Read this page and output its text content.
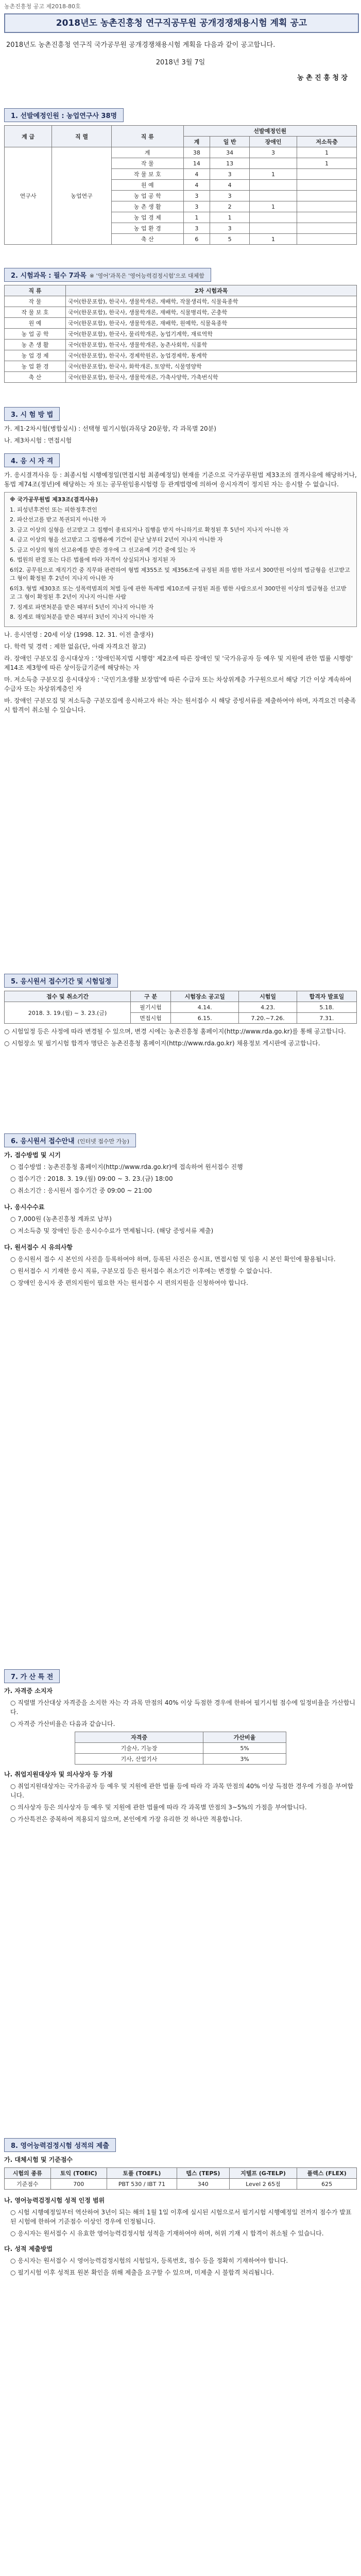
농촌진흥청 공고 제2018-80호
2018년도 농촌진흥청 연구직공무원 공개경쟁채용시험 계획 공고
2018년도 농촌진흥청 연구직 국가공무원 공개경쟁채용시험 계획을 다음과 같이 공고합니다.
2018년 3월 7일
농 촌 진 흥 청 장
1. 선발예정인원 : 농업연구사 38명
계 급	직 렬	직 류	선발예정인원			
			계	일 반	장애인	저소득층
연구사	농업연구	계	38	34	3	1
		작 물	14	13		1
		작 물 보 호	4	3	1	
		원 예	4	4		
		농 업 공 학	3	3		
		농 촌 생 활	3	2	1	
		농 업 경 제	1	1		
		농 업 환 경	3	3		
		축 산	6	5	1	
2. 시험과목 : 필수 7과목 ※ '영어'과목은 '영어능력검정시험'으로 대체함
직 류	2차 시험과목
작 물	국어(한문포함), 한국사, 생물학개론, 재배학, 작물생리학, 식물육종학
작 물 보 호	국어(한문포함), 한국사, 생물학개론, 재배학, 식물병리학, 곤충학
원 예	국어(한문포함), 한국사, 생물학개론, 재배학, 원예학, 식물육종학
농 업 공 학	국어(한문포함), 한국사, 물리학개론, 농업기계학, 재료역학
농 촌 생 활	국어(한문포함), 한국사, 생물학개론, 농촌사회학, 식품학
농 업 경 제	국어(한문포함), 한국사, 경제학원론, 농업경제학, 통계학
농 업 환 경	국어(한문포함), 한국사, 화학개론, 토양학, 식물영양학
축 산	국어(한문포함), 한국사, 생물학개론, 가축사양학, 가축번식학
3. 시 험 방 법

가. 제1·2차시험(병합실시) : 선택형 필기시험(과목당 20문항, 각 과목별 20분)

나. 제3차시험 : 면접시험

4. 응 시 자 격

가. 응시결격사유 등 : 최종시험 시행예정일(면접시험 최종예정일) 현재를 기준으로 국가공무원법 제33조의 결격사유에 해당하거나, 동법 제74조(정년)에 해당하는 자 또는 공무원임용시험령 등 관계법령에 의하여 응시자격이 정지된 자는 응시할 수 없습니다.

※ 국가공무원법 제33조(결격사유)

1. 피성년후견인 또는 피한정후견인

2. 파산선고를 받고 복권되지 아니한 자

3. 금고 이상의 실형을 선고받고 그 집행이 종료되거나 집행을 받지 아니하기로 확정된 후 5년이 지나지 아니한 자

4. 금고 이상의 형을 선고받고 그 집행유예 기간이 끝난 날부터 2년이 지나지 아니한 자

5. 금고 이상의 형의 선고유예를 받은 경우에 그 선고유예 기간 중에 있는 자

6. 법원의 판결 또는 다른 법률에 따라 자격이 상실되거나 정지된 자

6의2. 공무원으로 재직기간 중 직무와 관련하여 형법 제355조 및 제356조에 규정된 죄를 범한 자로서 300만원 이상의 벌금형을 선고받고 그 형이 확정된 후 2년이 지나지 아니한 자

6의3. 형법 제303조 또는 성폭력범죄의 처벌 등에 관한 특례법 제10조에 규정된 죄를 범한 사람으로서 300만원 이상의 벌금형을 선고받고 그 형이 확정된 후 2년이 지나지 아니한 사람

7. 징계로 파면처분을 받은 때부터 5년이 지나지 아니한 자

8. 징계로 해임처분을 받은 때부터 3년이 지나지 아니한 자

나. 응시연령 : 20세 이상 (1998. 12. 31. 이전 출생자)

다. 학력 및 경력 : 제한 없음(단, 아래 자격요건 참고)

라. 장애인 구분모집 응시대상자 : '장애인복지법 시행령' 제2조에 따른 장애인 및 '국가유공자 등 예우 및 지원에 관한 법률 시행령' 제14조 제3항에 따른 상이등급기준에 해당하는 자

마. 저소득층 구분모집 응시대상자 : '국민기초생활 보장법'에 따른 수급자 또는 차상위계층 가구원으로서 해당 기간 이상 계속하여 수급자 또는 차상위계층인 자

바. 장애인 구분모집 및 저소득층 구분모집에 응시하고자 하는 자는 원서접수 시 해당 증빙서류를 제출하여야 하며, 자격요건 미충족 시 합격이 취소될 수 있습니다.

5. 응시원서 접수기간 및 시험일정
접수 및 취소기간	구 분	시험장소 공고일	시험일	합격자 발표일
2018. 3. 19.(월) ~ 3. 23.(금)	필기시험	4.14.	4.23.	5.18.
	면접시험	6.15.	7.20.~7.26.	7.31.

○ 시험일정 등은 사정에 따라 변경될 수 있으며, 변경 시에는 농촌진흥청 홈페이지(http://www.rda.go.kr)를 통해 공고합니다.

○ 시험장소 및 필기시험 합격자 명단은 농촌진흥청 홈페이지(http://www.rda.go.kr) 채용정보 게시판에 공고합니다.

6. 응시원서 접수안내 (인터넷 접수만 가능)

가. 접수방법 및 시기

○ 접수방법 : 농촌진흥청 홈페이지(http://www.rda.go.kr)에 접속하여 원서접수 진행

○ 접수기간 : 2018. 3. 19.(월) 09:00 ~ 3. 23.(금) 18:00

○ 취소기간 : 응시원서 접수기간 중 09:00 ~ 21:00

나. 응시수수료

○ 7,000원 (농촌진흥청 계좌로 납부)

○ 저소득층 및 장애인 등은 응시수수료가 면제됩니다. (해당 증빙서류 제출)

다. 원서접수 시 유의사항

○ 응시원서 접수 시 본인의 사진을 등록하여야 하며, 등록된 사진은 응시표, 면접시험 및 임용 시 본인 확인에 활용됩니다.

○ 원서접수 시 기재한 응시 직류, 구분모집 등은 원서접수 취소기간 이후에는 변경할 수 없습니다.

○ 장애인 응시자 중 편의지원이 필요한 자는 원서접수 시 편의지원을 신청하여야 합니다.

7. 가 산 특 전

가. 자격증 소지자

○ 직렬별 가산대상 자격증을 소지한 자는 각 과목 만점의 40% 이상 득점한 경우에 한하여 필기시험 점수에 일정비율을 가산합니다.

○ 자격증 가산비율은 다음과 같습니다.

자격증	가산비율
기술사, 기능장	5%
기사, 산업기사	3%

나. 취업지원대상자 및 의사상자 등 가점

○ 취업지원대상자는 국가유공자 등 예우 및 지원에 관한 법률 등에 따라 각 과목 만점의 40% 이상 득점한 경우에 가점을 부여합니다.

○ 의사상자 등은 의사상자 등 예우 및 지원에 관한 법률에 따라 각 과목별 만점의 3~5%의 가점을 부여합니다.

○ 가산특전은 중복하여 적용되지 않으며, 본인에게 가장 유리한 것 하나만 적용합니다.

8. 영어능력검정시험 성적의 제출

가. 대체시험 및 기준점수

시험의 종류	토익 (TOEIC)	토플 (TOEFL)	텝스 (TEPS)	지텔프 (G-TELP)	플렉스 (FLEX)
기준점수	700	PBT 530 / IBT 71	340	Level 2 65점	625

나. 영어능력검정시험 성적 인정 범위

○ 시험 시행예정일부터 역산하여 3년이 되는 해의 1월 1일 이후에 실시된 시험으로서 필기시험 시행예정일 전까지 점수가 발표된 시험에 한하여 기준점수 이상인 경우에 인정됩니다.

○ 응시자는 원서접수 시 유효한 영어능력검정시험 성적을 기재하여야 하며, 허위 기재 시 합격이 취소될 수 있습니다.

다. 성적 제출방법

○ 응시자는 원서접수 시 영어능력검정시험의 시험일자, 등록번호, 점수 등을 정확히 기재하여야 합니다.

○ 필기시험 이후 성적표 원본 확인을 위해 제출을 요구할 수 있으며, 미제출 시 불합격 처리됩니다.
